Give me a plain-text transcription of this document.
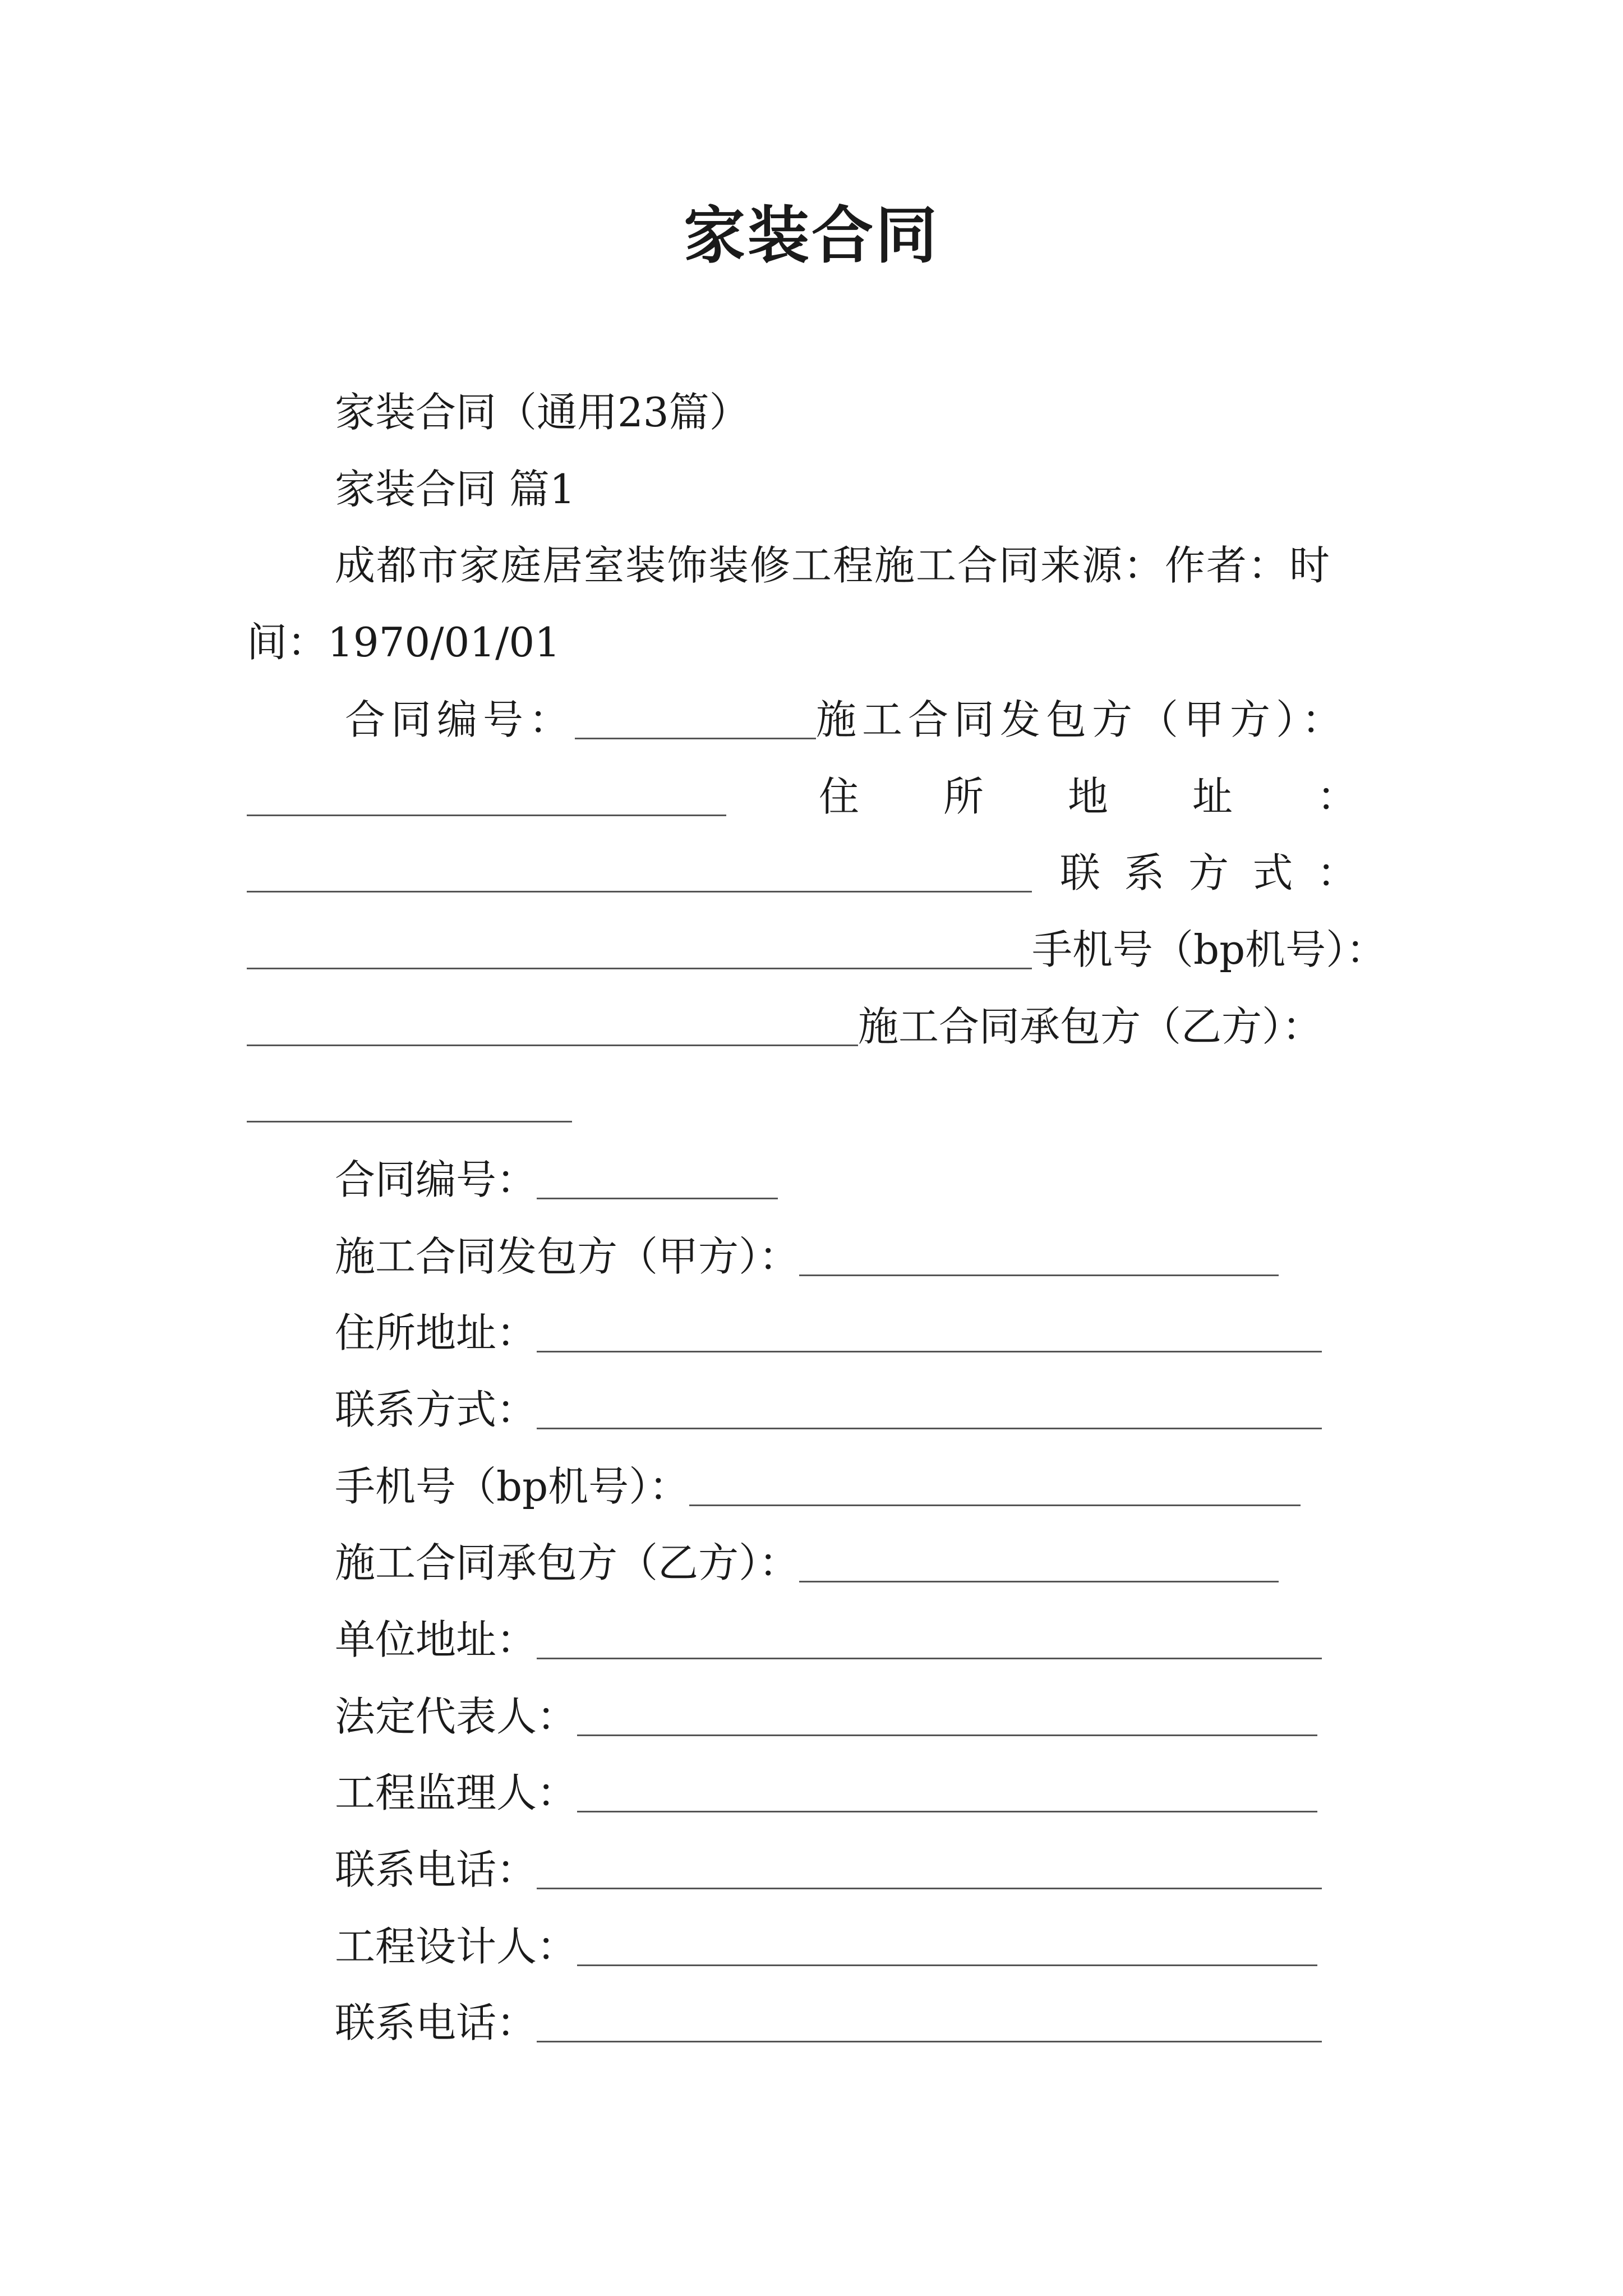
家装合同
家装合同（通用23篇）
家装合同 篇1
成都市家庭居室装饰装修工程施工合同来源：作者：时
间：1970/01/01
合同编号：	施工合同发包方（甲方）：
住 所 地 址 ：
联 系 方 式 ：
手机号（bp机号）：
施工合同承包方（乙方）：
合同编号：
施工合同发包方（甲方）：
住所地址：
联系方式：
手机号（bp机号）：
施工合同承包方（乙方）：
单位地址：
法定代表人：
工程监理人：
联系电话：
工程设计人：
联系电话：
